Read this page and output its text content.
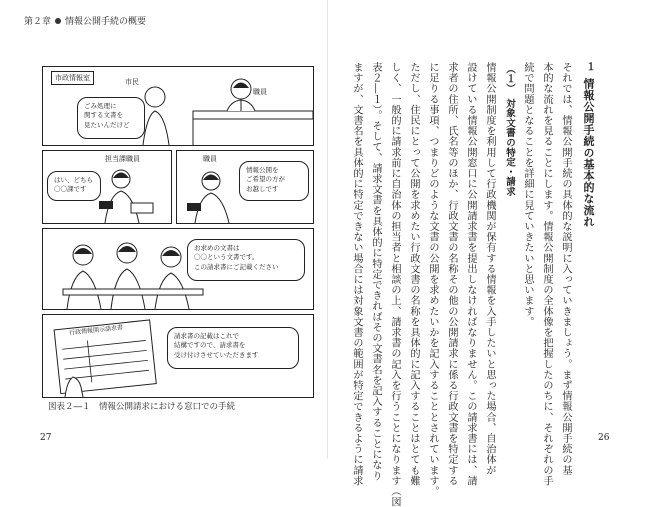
第２章 情報公開手続の概要
市政情報室	市民
職員
ごみ処理に
関する文書を
見たいんだけど
担当課職員
はい、どちら
〇〇課です
職員
情報公開を
ご希望の方が
お越しです
お求めの文書は
〇〇という文書です。
この請求書にご記載ください
行政情報開示請求書	請求書の記載はこれで
結構ですので、請求書を
受け付けさせていただきます
図表２―１　情報公開請求における窓口での手続
27	26
１
情報公開手続の基本的な流れ
それでは、情報公開手続の具体的な説明に入っていきましょう。まず情報公開手続の基
本的な流れを見ることにします。情報公開制度の全体像を把握したのちに、それぞれの手
続で問題となることを詳細に見ていきたいと思います。
（１）　対象文書の特定・請求
情報公開制度を利用して行政機関が保有する情報を入手したいと思った場合、自治体が
設けている情報公開窓口に公開請求書を提出しなければなりません。この請求書には、請
求者の住所、氏名等のほか、行政文書の名称その他の公開請求に係る行政文書を特定する
に足りる事項、つまりどのような文書の公開を求めたいかを記入することとされています。
ただし、住民にとって公開を求めたい行政文書の名称を具体的に記入することはとても難
しく、一般的に請求前に自治体の担当者と相談の上、請求書の記入を行うことになります（図
表２―１）。そして、請求文書を具体的に特定できればその文書名を記入することになり
ますが、文書名を具体的に特定できない場合には対象文書の範囲が特定できるように請求
